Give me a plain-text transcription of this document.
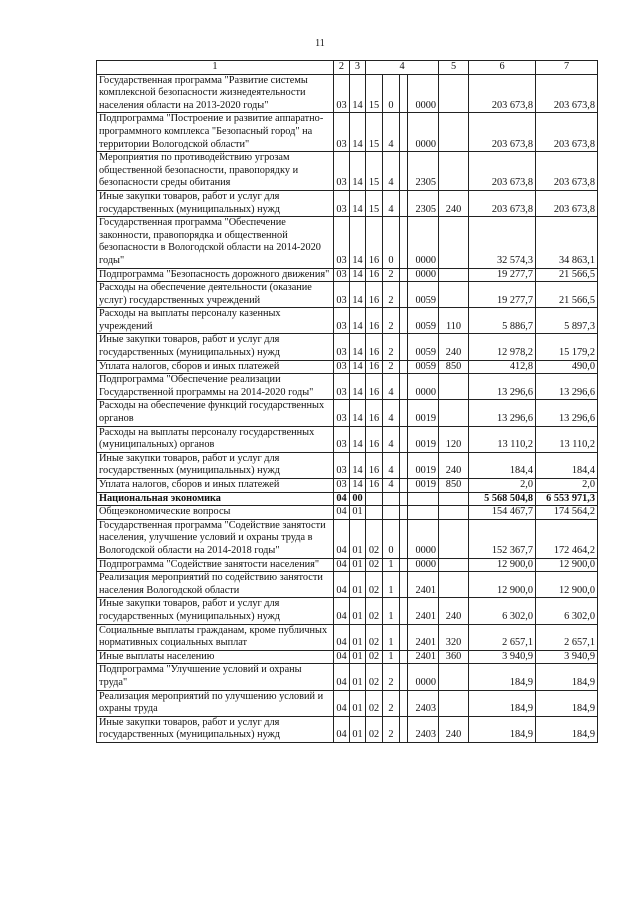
11
1	2	3	4				5	6	7
Государственная программа "Развитие системы комплексной безопасности жизнедеятельности населения области на 2013-2020 годы"	03	14	15	0		0000		203 673,8	203 673,8
Подпрограмма "Построение и развитие аппаратно-программного комплекса "Безопасный город" на территории Вологодской области"	03	14	15	4		0000		203 673,8	203 673,8
Мероприятия по противодействию угрозам общественной безопасности, правопорядку и безопасности среды обитания	03	14	15	4		2305		203 673,8	203 673,8
Иные закупки товаров, работ и услуг для государственных (муниципальных) нужд	03	14	15	4		2305	240	203 673,8	203 673,8
Государственная программа "Обеспечение законности, правопорядка и общественной безопасности в Вологодской области на 2014-2020 годы"	03	14	16	0		0000		32 574,3	34 863,1
Подпрограмма "Безопасность дорожного движения"	03	14	16	2		0000		19 277,7	21 566,5
Расходы на обеспечение деятельности (оказание услуг) государственных учреждений	03	14	16	2		0059		19 277,7	21 566,5
Расходы на выплаты персоналу казенных учреждений	03	14	16	2		0059	110	5 886,7	5 897,3
Иные закупки товаров, работ и услуг для государственных (муниципальных) нужд	03	14	16	2		0059	240	12 978,2	15 179,2
Уплата налогов, сборов и иных платежей	03	14	16	2		0059	850	412,8	490,0
Подпрограмма "Обеспечение реализации Государственной программы на 2014-2020 годы"	03	14	16	4		0000		13 296,6	13 296,6
Расходы на обеспечение функций государственных органов	03	14	16	4		0019		13 296,6	13 296,6
Расходы на выплаты персоналу государственных (муниципальных) органов	03	14	16	4		0019	120	13 110,2	13 110,2
Иные закупки товаров, работ и услуг для государственных (муниципальных) нужд	03	14	16	4		0019	240	184,4	184,4
Уплата налогов, сборов и иных платежей	03	14	16	4		0019	850	2,0	2,0
Национальная экономика	04	00						5 568 504,8	6 553 971,3
Общеэкономические вопросы	04	01						154 467,7	174 564,2
Государственная программа "Содействие занятости населения, улучшение условий и охраны труда в Вологодской области на 2014-2018 годы"	04	01	02	0		0000		152 367,7	172 464,2
Подпрограмма "Содействие занятости населения"	04	01	02	1		0000		12 900,0	12 900,0
Реализация мероприятий по содействию занятости населения Вологодской области	04	01	02	1		2401		12 900,0	12 900,0
Иные закупки товаров, работ и услуг для государственных (муниципальных) нужд	04	01	02	1		2401	240	6 302,0	6 302,0
Социальные выплаты гражданам, кроме публичных нормативных социальных выплат	04	01	02	1		2401	320	2 657,1	2 657,1
Иные выплаты населению	04	01	02	1		2401	360	3 940,9	3 940,9
Подпрограмма "Улучшение условий и охраны труда"	04	01	02	2		0000		184,9	184,9
Реализация мероприятий по улучшению условий и охраны труда	04	01	02	2		2403		184,9	184,9
Иные закупки товаров, работ и услуг для государственных (муниципальных) нужд	04	01	02	2		2403	240	184,9	184,9
